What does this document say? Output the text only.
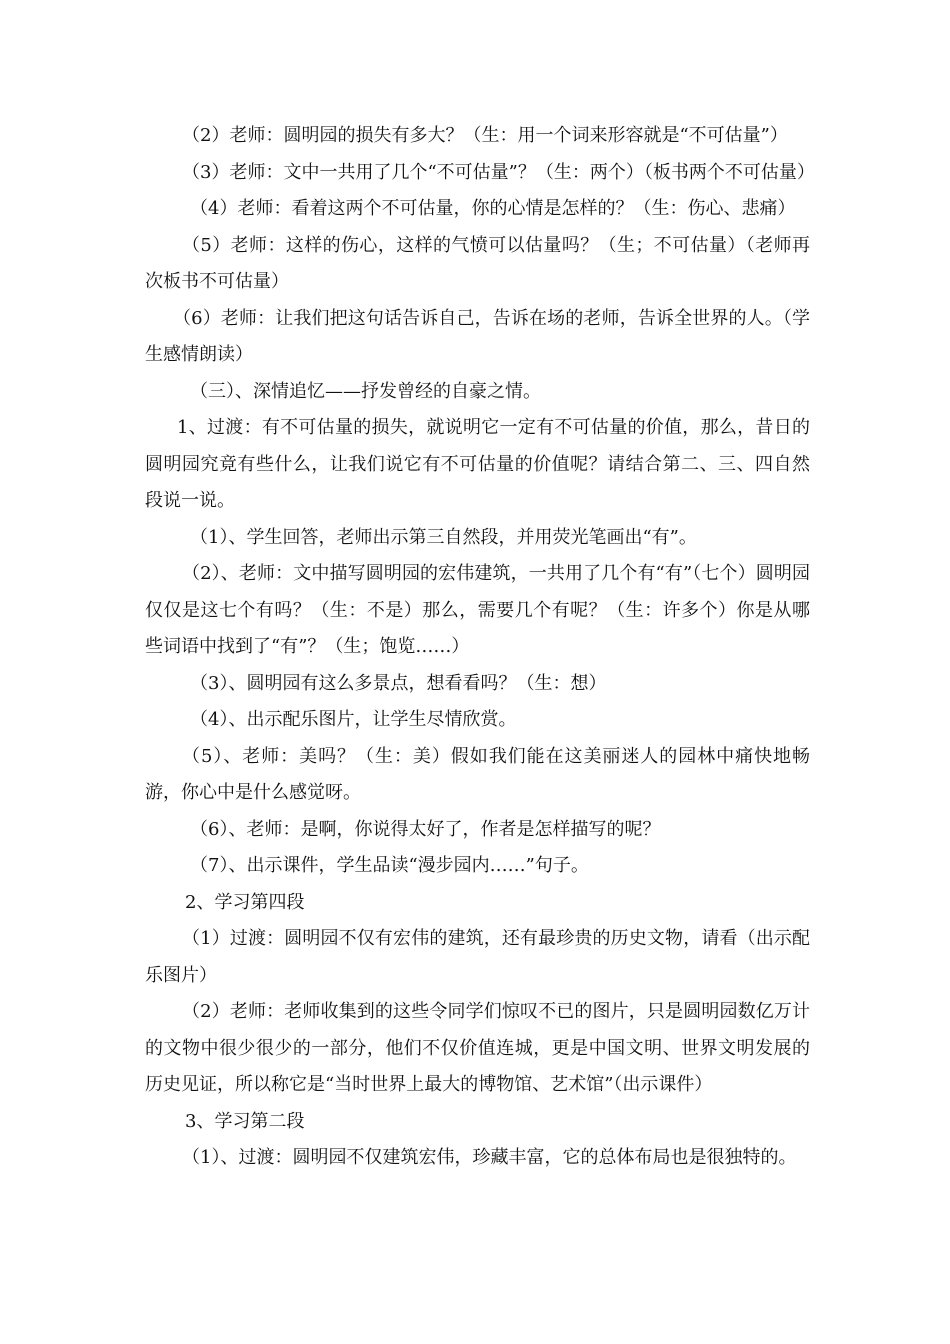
（2）老师：圆明园的损失有多大？（生：用一个词来形容就是“不可估量”）

（3）老师：文中一共用了几个“不可估量”？（生：两个）（板书两个不可估量）

（4）老师：看着这两个不可估量，你的心情是怎样的？（生：伤心、悲痛）

（5）老师：这样的伤心，这样的气愤可以估量吗？（生；不可估量）（老师再次板书不可估量）

（6）老师：让我们把这句话告诉自己，告诉在场的老师，告诉全世界的人。（学生感情朗读）

（三）、深情追忆——抒发曾经的自豪之情。

1、过渡：有不可估量的损失，就说明它一定有不可估量的价值，那么，昔日的圆明园究竟有些什么，让我们说它有不可估量的价值呢？请结合第二、三、四自然段说一说。

（1）、学生回答，老师出示第三自然段，并用荧光笔画出“有”。

（2）、老师：文中描写圆明园的宏伟建筑，一共用了几个有“有”（七个）圆明园仅仅是这七个有吗？（生：不是）那么，需要几个有呢？（生：许多个）你是从哪些词语中找到了“有”？（生；饱览……）

（3）、圆明园有这么多景点，想看看吗？（生：想）

（4）、出示配乐图片，让学生尽情欣赏。

（5）、老师：美吗？（生：美）假如我们能在这美丽迷人的园林中痛快地畅游，你心中是什么感觉呀。

（6）、老师：是啊，你说得太好了，作者是怎样描写的呢？

（7）、出示课件，学生品读“漫步园内……”句子。

2、学习第四段

（1）过渡：圆明园不仅有宏伟的建筑，还有最珍贵的历史文物，请看（出示配乐图片）

（2）老师：老师收集到的这些令同学们惊叹不已的图片，只是圆明园数亿万计的文物中很少很少的一部分，他们不仅价值连城，更是中国文明、世界文明发展的历史见证，所以称它是“当时世界上最大的博物馆、艺术馆”（出示课件）

3、学习第二段

（1）、过渡：圆明园不仅建筑宏伟，珍藏丰富，它的总体布局也是很独特的。
